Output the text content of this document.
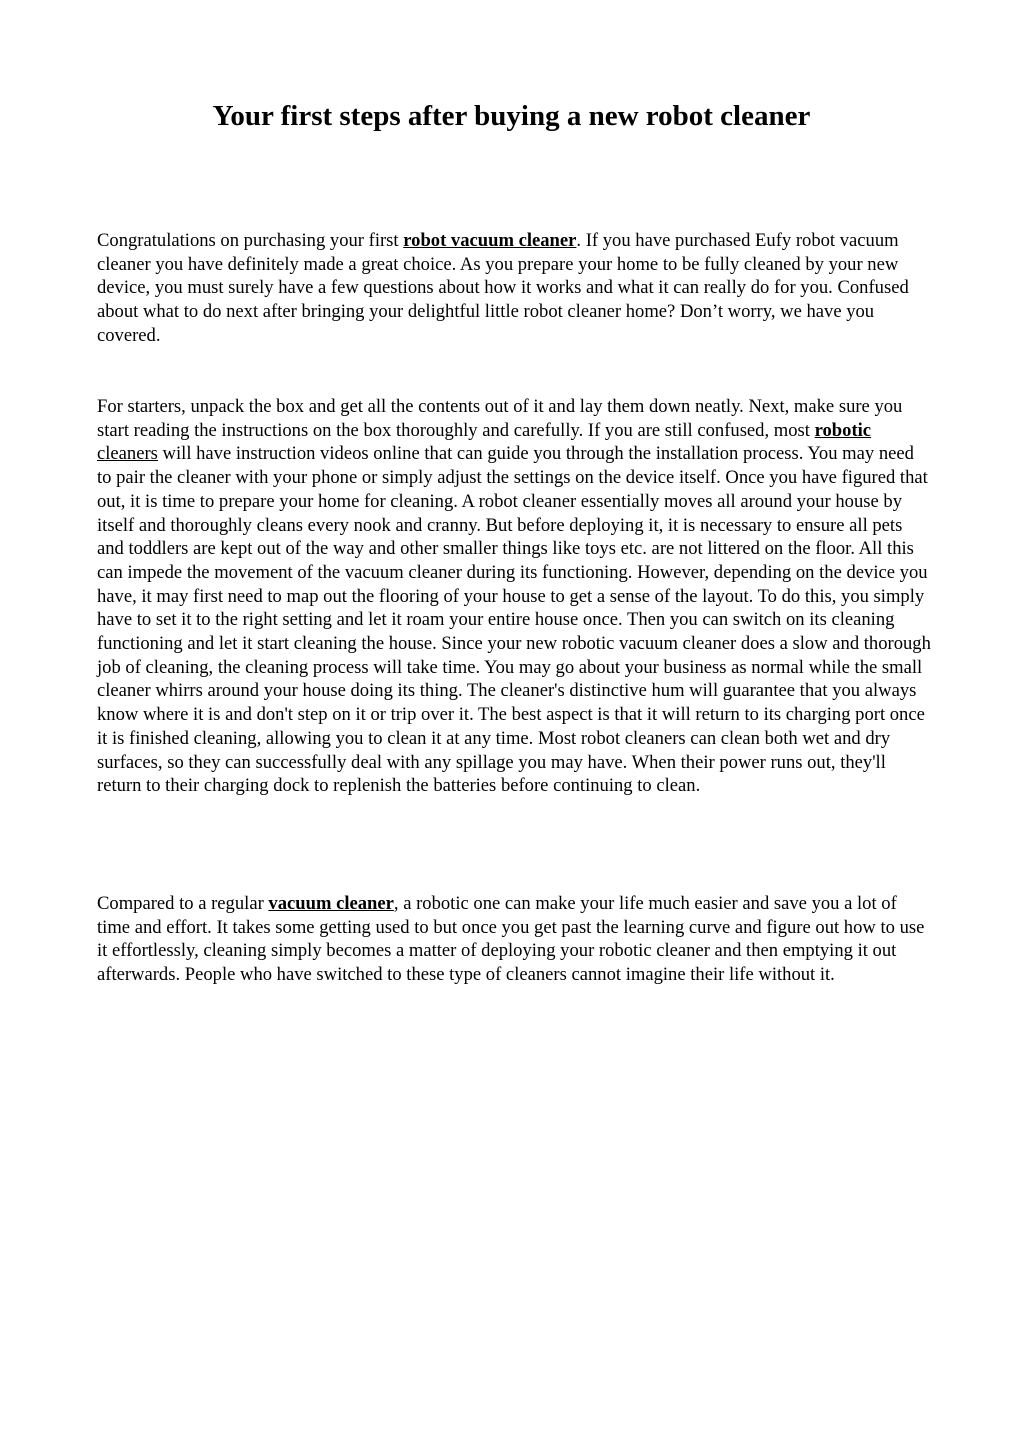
Your first steps after buying a new robot cleaner

Congratulations on purchasing your first robot vacuum cleaner. If you have purchased Eufy robot vacuum cleaner you have definitely made a great choice. As you prepare your home to be fully cleaned by your new device, you must surely have a few questions about how it works and what it can really do for you. Confused about what to do next after bringing your delightful little robot cleaner home? Don’t worry, we have you covered.

For starters, unpack the box and get all the contents out of it and lay them down neatly. Next, make sure you start reading the instructions on the box thoroughly and carefully. If you are still confused, most robotic cleaners will have instruction videos online that can guide you through the installation process. You may need to pair the cleaner with your phone or simply adjust the settings on the device itself. Once you have figured that out, it is time to prepare your home for cleaning. A robot cleaner essentially moves all around your house by itself and thoroughly cleans every nook and cranny. But before deploying it, it is necessary to ensure all pets and toddlers are kept out of the way and other smaller things like toys etc. are not littered on the floor. All this can impede the movement of the vacuum cleaner during its functioning. However, depending on the device you have, it may first need to map out the flooring of your house to get a sense of the layout. To do this, you simply have to set it to the right setting and let it roam your entire house once. Then you can switch on its cleaning functioning and let it start cleaning the house. Since your new robotic vacuum cleaner does a slow and thorough job of cleaning, the cleaning process will take time. You may go about your business as normal while the small cleaner whirrs around your house doing its thing. The cleaner's distinctive hum will guarantee that you always know where it is and don't step on it or trip over it. The best aspect is that it will return to its charging port once it is finished cleaning, allowing you to clean it at any time. Most robot cleaners can clean both wet and dry surfaces, so they can successfully deal with any spillage you may have. When their power runs out, they'll return to their charging dock to replenish the batteries before continuing to clean.

Compared to a regular vacuum cleaner, a robotic one can make your life much easier and save you a lot of time and effort. It takes some getting used to but once you get past the learning curve and figure out how to use it effortlessly, cleaning simply becomes a matter of deploying your robotic cleaner and then emptying it out afterwards. People who have switched to these type of cleaners cannot imagine their life without it.
